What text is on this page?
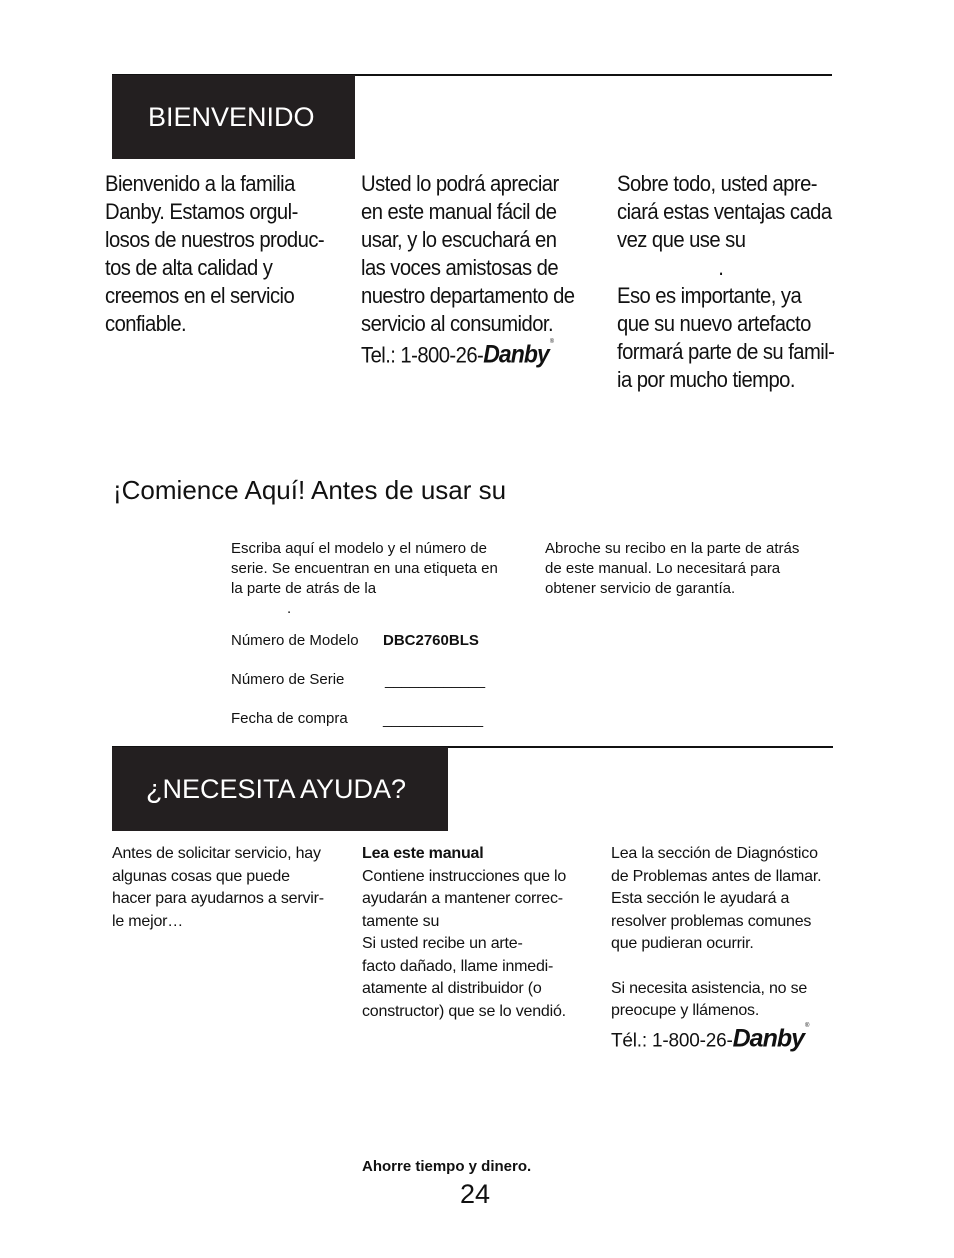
BIENVENIDO
Bienvenido a la familia
Danby. Estamos orgul-
losos de nuestros produc-
tos de alta calidad y
creemos en el servicio
confiable.
Usted lo podrá apreciar
en este manual fácil de
usar, y lo escuchará en
las voces amistosas de
nuestro departamento de
servicio al consumidor.
Tel.: 1-800-26-Danby®
Sobre todo, usted apre-
ciará estas ventajas cada
vez que use su
.
Eso es importante, ya
que su nuevo artefacto
formará parte de su famil-
ia por mucho tiempo.
¡Comience Aquí! Antes de usar su
Escriba aquí el modelo y el número de
serie. Se encuentran en una etiqueta en
la parte de atrás de la
.
Abroche su recibo en la parte de atrás
de este manual. Lo necesitará para
obtener servicio de garantía.
Número de Modelo DBC2760BLS
Número de Serie	____________
Fecha de compra ____________
¿NECESITA AYUDA?
Antes de solicitar servicio, hay
algunas cosas que puede
hacer para ayudarnos a servir-
le mejor…
Lea este manual
Contiene instrucciones que lo
ayudarán a mantener correc-
tamente su
Si usted recibe un arte-
facto dañado, llame inmedi-
atamente al distribuidor (o
constructor) que se lo vendió.
Lea la sección de Diagnóstico
de Problemas antes de llamar.
Esta sección le ayudará a
resolver problemas comunes
que pudieran ocurrir.
Si necesita asistencia, no se
preocupe y llámenos.
Tél.: 1-800-26-Danby®
Ahorre tiempo y dinero.
24
